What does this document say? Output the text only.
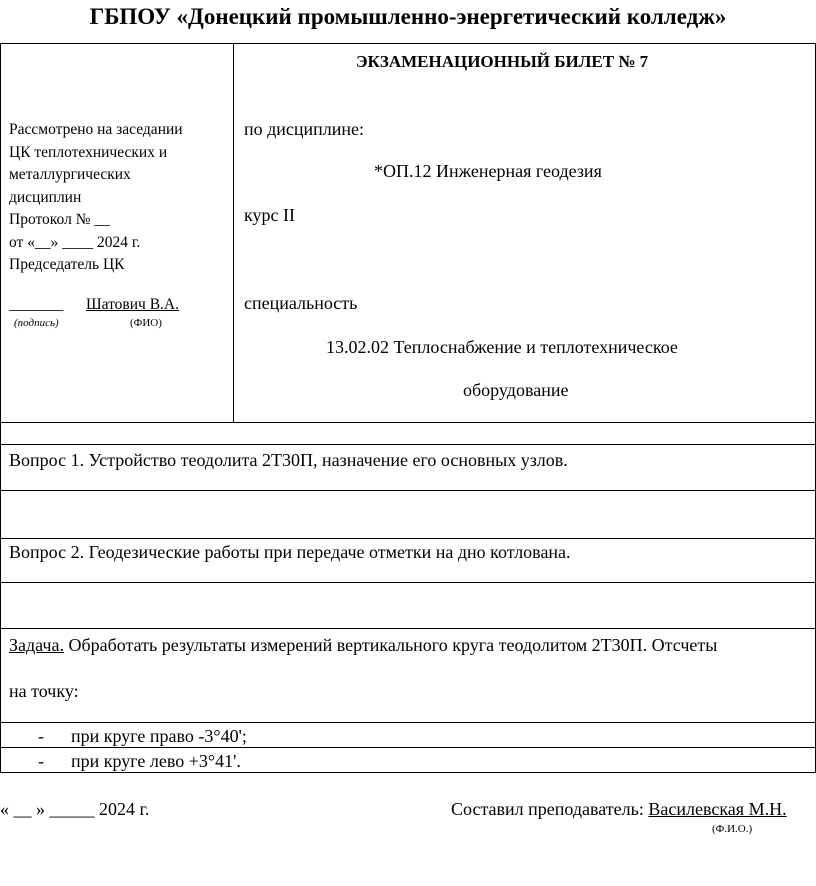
ГБПОУ «Донецкий промышленно-энергетический колледж»
Рассмотрено на заседании
ЦК теплотехнических и
металлургических
дисциплин
Протокол № __
от «__» ____ 2024 г.
Председатель ЦК
_______ Шатович В.А.
(подпись)	(ФИО)
ЭКЗАМЕНАЦИОННЫЙ БИЛЕТ № 7
по дисциплине:
*ОП.12 Инженерная геодезия
курс II
специальность
13.02.02 Теплоснабжение и теплотехническое
оборудование
Вопрос 1. Устройство теодолита 2Т30П, назначение его основных узлов.
Вопрос 2. Геодезические работы при передаче отметки на дно котлована.
Задача. Обработать результаты измерений вертикального круга теодолитом 2Т30П. Отсчеты
на точку:
- при круге право -3°40';
- при круге лево +3°41'.
« __ » _____ 2024 г.	Составил преподаватель: Василевская М.Н.
(Ф.И.О.)
